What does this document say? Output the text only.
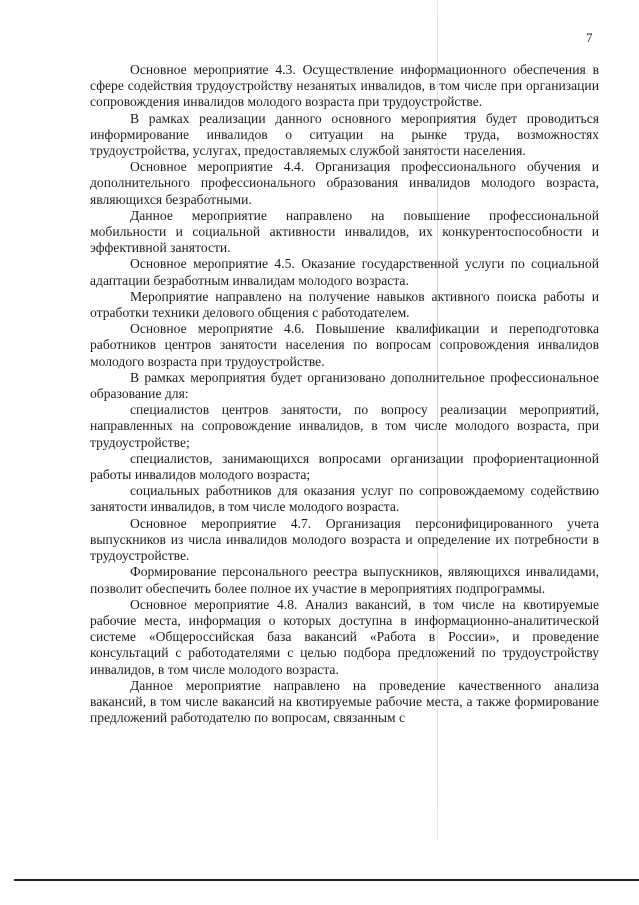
7

Основное мероприятие 4.3. Осуществление информационного обеспечения в сфере содействия трудоустройству незанятых инвалидов, в том числе при организации сопровождения инвалидов молодого возраста при трудоустройстве.

В рамках реализации данного основного мероприятия будет проводиться информирование инвалидов о ситуации на рынке труда, возможностях трудоустройства, услугах, предоставляемых службой занятости населения.

Основное мероприятие 4.4. Организация профессионального обучения и дополнительного профессионального образования инвалидов молодого возраста, являющихся безработными.

Данное мероприятие направлено на повышение профессиональной мобильности и социальной активности инвалидов, их конкурентоспособности и эффективной занятости.

Основное мероприятие 4.5. Оказание государственной услуги по социальной адаптации безработным инвалидам молодого возраста.

Мероприятие направлено на получение навыков активного поиска работы и отработки техники делового общения с работодателем.

Основное мероприятие 4.6. Повышение квалификации и переподготовка работников центров занятости населения по вопросам сопровождения инвалидов молодого возраста при трудоустройстве.

В рамках мероприятия будет организовано дополнительное профессиональное образование для:

специалистов центров занятости, по вопросу реализации мероприятий, направленных на сопровождение инвалидов, в том числе молодого возраста, при трудоустройстве;

специалистов, занимающихся вопросами организации профориентационной работы инвалидов молодого возраста;

социальных работников для оказания услуг по сопровождаемому содействию занятости инвалидов, в том числе молодого возраста.

Основное мероприятие 4.7. Организация персонифицированного учета выпускников из числа инвалидов молодого возраста и определение их потребности в трудоустройстве.

Формирование персонального реестра выпускников, являющихся инвалидами, позволит обеспечить более полное их участие в мероприятиях подпрограммы.

Основное мероприятие 4.8. Анализ вакансий, в том числе на квотируемые рабочие места, информация о которых доступна в информационно-аналитической системе «Общероссийская база вакансий «Работа в России», и проведение консультаций с работодателями с целью подбора предложений по трудоустройству инвалидов, в том числе молодого возраста.

Данное мероприятие направлено на проведение качественного анализа вакансий, в том числе вакансий на квотируемые рабочие места, а также формирование предложений работодателю по вопросам, связанным с
